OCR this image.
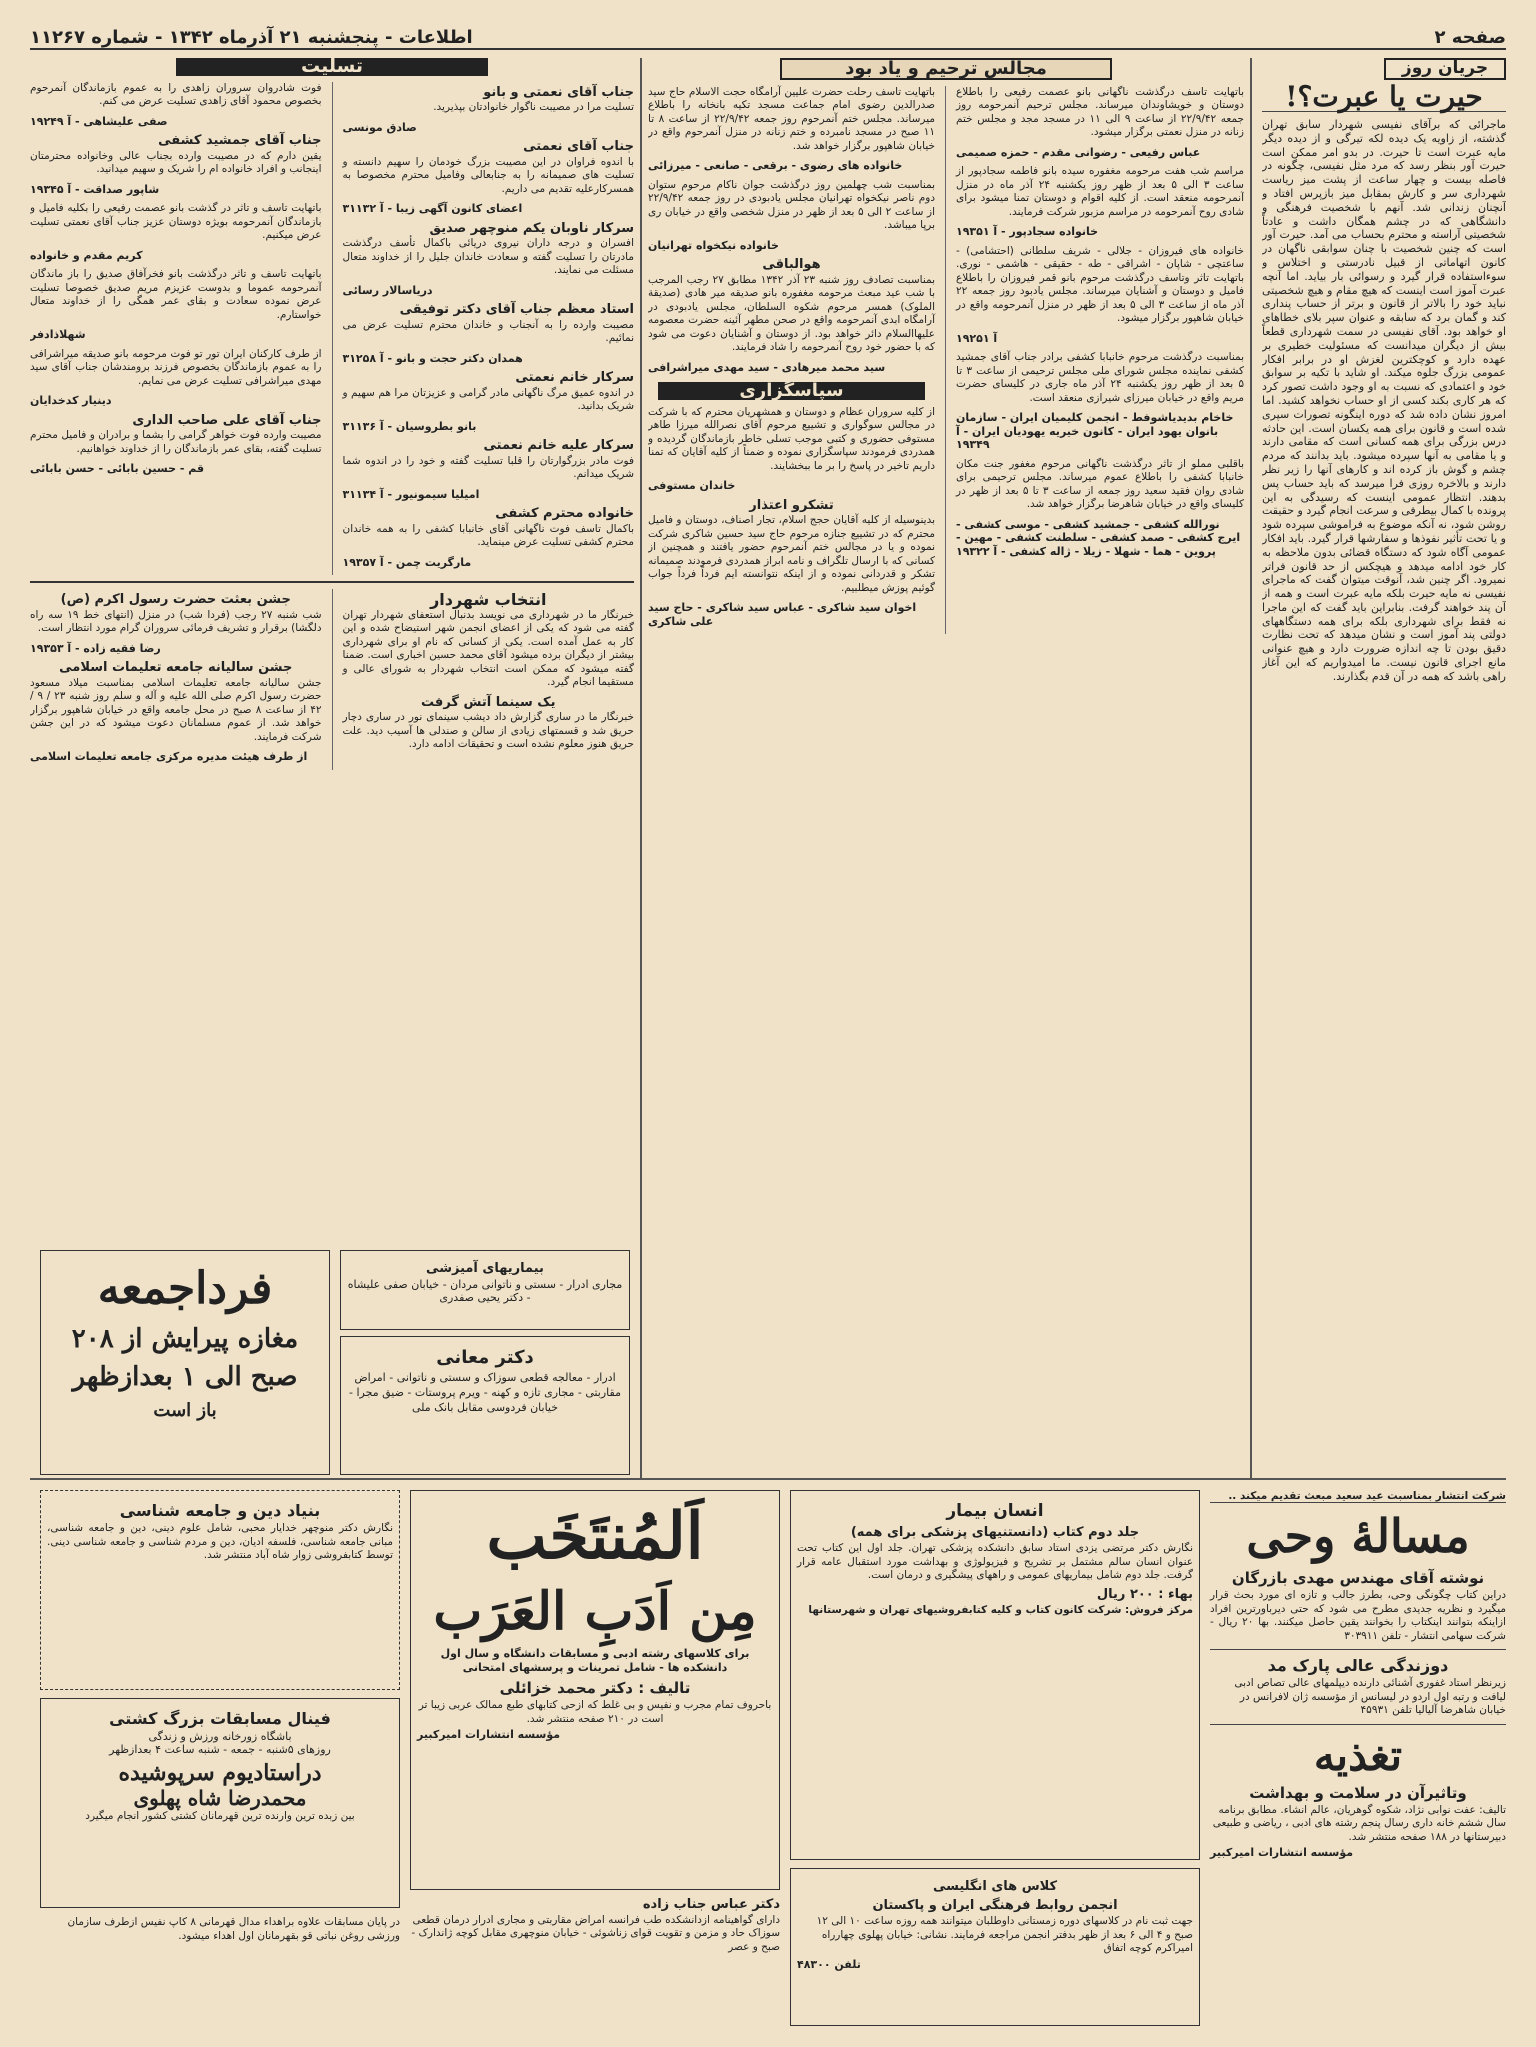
صفحه ۲
اطلاعات - پنجشنبه ۲۱ آذرماه ۱۳۴۲ - شماره ۱۱۲۶۷
جریان روز
حیرت یا عبرت؟!
ماجرائی که برآقای نفیسی شهردار سابق تهران گذشته، از زاویه یک دیده لکه تیرگی و از دیده دیگر مایه عبرت است تا حیرت. در بدو امر ممکن است حیرت آور بنظر رسد که مرد مثل نفیسی، چگونه در فاصله بیست و چهار ساعت از پشت میز ریاست شهرداری سر و کارش بمقابل میز بازپرس افتاد و آنچنان زندانی شد. آنهم با شخصیت فرهنگی و دانشگاهی که در چشم همگان داشت و عادتاً شخصیتی آراسته و محترم بحساب می آمد. حیرت آور است که چنین شخصیت با چنان سوابقی ناگهان در کانون اتهاماتی از قبیل نادرستی و اختلاس و سوءاستفاده قرار گیرد و رسوائی بار بیاید. اما آنچه عبرت آموز است اینست که هیچ مقام و هیچ شخصیتی نباید خود را بالاتر از قانون و برتر از حساب پنداری کند و گمان برد که سابقه و عنوان سپر بلای خطاهای او خواهد بود. آقای نفیسی در سمت شهرداری قطعاً بیش از دیگران میدانست که مسئولیت خطیری بر عهده دارد و کوچکترین لغزش او در برابر افکار عمومی بزرگ جلوه میکند. او شاید با تکیه بر سوابق خود و اعتمادی که نسبت به او وجود داشت تصور کرد که هر کاری بکند کسی از او حساب نخواهد کشید. اما امروز نشان داده شد که دوره اینگونه تصورات سپری شده است و قانون برای همه یکسان است. این حادثه درس بزرگی برای همه کسانی است که مقامی دارند و یا مقامی به آنها سپرده میشود. باید بدانند که مردم چشم و گوش باز کرده اند و کارهای آنها را زیر نظر دارند و بالاخره روزی فرا میرسد که باید حساب پس بدهند. انتظار عمومی اینست که رسیدگی به این پرونده با کمال بیطرفی و سرعت انجام گیرد و حقیقت روشن شود، نه آنکه موضوع به فراموشی سپرده شود و یا تحت تأثیر نفوذها و سفارشها قرار گیرد. باید افکار عمومی آگاه شود که دستگاه قضائی بدون ملاحظه به کار خود ادامه میدهد و هیچکس از حد قانون فراتر نمیرود. اگر چنین شد، آنوقت میتوان گفت که ماجرای نفیسی نه مایه حیرت بلکه مایه عبرت است و همه از آن پند خواهند گرفت. بنابراین باید گفت که این ماجرا نه فقط برای شهرداری بلکه برای همه دستگاههای دولتی پند آموز است و نشان میدهد که تحت نظارت دقیق بودن تا چه اندازه ضرورت دارد و هیچ عنوانی مانع اجرای قانون نیست. ما امیدواریم که این آغاز راهی باشد که همه در آن قدم بگذارند.
مجالس ترحیم و یاد بود
باتهایت تاسف درگذشت ناگهانی بانو عصمت رفیعی را باطلاع دوستان و خویشاوندان میرساند. مجلس ترحیم آنمرحومه روز جمعه ۲۲/۹/۴۲ از ساعت ۹ الی ۱۱ در مسجد مجد و مجلس ختم زنانه در منزل نعمتی برگزار میشود.
عباس رفیعی - رضوانی مقدم - حمزه صمیمی
مراسم شب هفت مرحومه مغفوره سیده بانو فاطمه سجادپور از ساعت ۳ الی ۵ بعد از ظهر روز یکشنبه ۲۴ آذر ماه در منزل آنمرحومه منعقد است. از کلیه اقوام و دوستان تمنا میشود برای شادی روح آنمرحومه در مراسم مزبور شرکت فرمایند.
خانواده سجادپور - آ ۱۹۳۵۱
خانواده های فیروزان - جلالی - شریف سلطانی (احتشامی) - ساعتچی - شاپان - اشراقی - طه - حقیقی - هاشمی - نوری. باتهایت تاثر وتاسف درگذشت مرحوم بانو قمر فیروزان را باطلاع فامیل و دوستان و آشنایان میرساند. مجلس یادبود روز جمعه ۲۲ آذر ماه از ساعت ۳ الی ۵ بعد از ظهر در منزل آنمرحومه واقع در خیابان شاهپور برگزار میشود.
آ ۱۹۲۵۱
بمناسبت درگذشت مرحوم خانبابا کشفی برادر جناب آقای جمشید کشفی نماینده مجلس شورای ملی مجلس ترحیمی از ساعت ۳ تا ۵ بعد از ظهر روز یکشنبه ۲۴ آذر ماه جاری در کلیسای حضرت مریم واقع در خیابان میرزای شیرازی منعقد است.
خاخام بدیدیاشوفط - انجمن کلیمیان ایران - سازمان بانوان یهود ایران - کانون خیریه یهودیان ایران - آ ۱۹۳۴۹
باقلبی مملو از تاثر درگذشت ناگهانی مرحوم مغفور جنت مکان خانبابا کشفی را باطلاع عموم میرساند. مجلس ترحیمی برای شادی روان فقید سعید روز جمعه از ساعت ۳ تا ۵ بعد از ظهر در کلیسای واقع در خیابان شاهرضا برگزار خواهد شد.
نورالله کشفی - جمشید کشفی - موسی کشفی - ایرج کشفی - صمد کشفی - سلطنت کشفی - مهین - پروین - هما - شهلا - زیلا - ژاله کشفی - آ ۱۹۳۲۲
باتهایت تاسف رحلت حضرت علیین آرامگاه حجت الاسلام حاج سید صدرالدین رضوی امام جماعت مسجد تکیه بانخانه را باطلاع میرساند. مجلس ختم آنمرحوم روز جمعه ۲۲/۹/۴۲ از ساعت ۸ تا ۱۱ صبح در مسجد نامبرده و ختم زنانه در منزل آنمرحوم واقع در خیابان شاهپور برگزار خواهد شد.
خانواده های رضوی - برقعی - صانعی - میرزائی
بمناسبت شب چهلمین روز درگذشت جوان ناکام مرحوم ستوان دوم ناصر نیکخواه تهرانیان مجلس یادبودی در روز جمعه ۲۲/۹/۴۲ از ساعت ۲ الی ۵ بعد از ظهر در منزل شخصی واقع در خیابان ری برپا میباشد.
خانواده نیکخواه تهرانیان
هوالباقی
بمناسبت تصادف روز شنبه ۲۳ آذر ۱۳۴۲ مطابق ۲۷ رجب المرجب با شب عید مبعث مرحومه مغفوره بانو صدیقه میر هادی (صدیقة الملوک) همسر مرحوم شکوه السلطان، مجلس یادبودی در آرامگاه ابدی آنمرحومه واقع در صحن مطهر آئینه حضرت معصومه علیهاالسلام دائر خواهد بود. از دوستان و آشنایان دعوت می شود که با حضور خود روح آنمرحومه را شاد فرمایند.
سید محمد میرهادی - سید مهدی میراشرافی
سپاسگزاری
از کلیه سروران عظام و دوستان و همشهریان محترم که با شرکت در مجالس سوگواری و تشییع مرحوم آقای نصرالله میرزا طاهر مستوفی حضوری و کتبی موجب تسلی خاطر بازماندگان گردیده و همدردی فرمودند سپاسگزاری نموده و ضمناً از کلیه آقایان که تمنا داریم تاخیر در پاسخ را بر ما ببخشایند.
خاندان مستوفی
تشکرو اعتذار
بدینوسیله از کلیه آقایان حجج اسلام، تجار اصناف، دوستان و فامیل محترم که در تشییع جنازه مرحوم حاج سید حسین شاکری شرکت نموده و یا در مجالس ختم آنمرحوم حضور یافتند و همچنین از کسانی که با ارسال تلگراف و نامه ابراز همدردی فرمودند صمیمانه تشکر و قدردانی نموده و از اینکه نتوانسته ایم فرداً فرداً جواب گوئیم پوزش میطلبیم.
اخوان سید شاکری - عباس سید شاکری - حاج سید علی شاکری
تسلیت
جناب آقای نعمتی و بانو
تسلیت مرا در مصیبت ناگوار خانوادتان بپذیرید.
صادق مونسی
جناب آقای نعمتی
با اندوه فراوان در این مصیبت بزرگ خودمان را سهیم دانسته و تسلیت های صمیمانه را به جنابعالی وفامیل محترم مخصوصا به همسرکارعلیه تقدیم می داریم.
اعضای کانون آگهی زیبا - آ ۳۱۱۳۲
سرکار ناوبان یکم منوچهر صدیق
افسران و درجه داران نیروی دریائی باکمال تأسف درگذشت مادرتان را تسلیت گفته و سعادت خاندان جلیل را از خداوند متعال مسئلت می نمایند.
دریاسالار رسائی
استاد معظم جناب آقای دکتر توفیقی
مصیبت وارده را به آنجناب و خاندان محترم تسلیت عرض می نمائیم.
همدان دکتر حجت و بانو - آ ۳۱۲۵۸
سرکار خانم نعمتی
در اندوه عمیق مرگ ناگهانی مادر گرامی و عزیزتان مرا هم سهیم و شریک بدانید.
بانو بطروسیان - آ ۳۱۱۳۶
سرکار علیه خانم نعمتی
فوت مادر بزرگوارتان را قلبا تسلیت گفته و خود را در اندوه شما شریک میدانم.
امیلیا سیمونیور - آ ۳۱۱۳۴
خانواده محترم کشفی
باکمال تاسف فوت ناگهانی آقای خانبابا کشفی را به همه خاندان محترم کشفی تسلیت عرض مینماید.
مارگریت چمن - آ ۱۹۳۵۷
فوت شادروان سروران زاهدی را به عموم بازماندگان آنمرحوم بخصوص محمود آقای زاهدی تسلیت عرض می کنم.
صفی علیشاهی - آ ۱۹۲۴۹
جناب آقای جمشید کشفی
یقین دارم که در مصیبت وارده بجناب عالی وخانواده محترمتان اینجانب و افراد خانواده ام را شریک و سهیم میدانید.
شاپور صداقت - آ ۱۹۳۴۵
باتهایت تاسف و تاثر در گذشت بانو عصمت رفیعی را بکلیه فامیل و بازماندگان آنمرحومه بویژه دوستان عزیز جناب آقای نعمتی تسلیت عرض میکنیم.
کریم مقدم و خانواده
باتهایت تاسف و تاثر درگذشت بانو فخرآفاق صدیق را باز ماندگان آنمرحومه عموما و بدوست عزیزم مریم صدیق خصوصا تسلیت عرض نموده سعادت و بقای عمر همگی را از خداوند متعال خواستارم.
شهلاذادفر
از طرف کارکنان ایران تور تو فوت مرحومه بانو صدیقه میراشرافی را به عموم بازماندگان بخصوص فرزند برومندشان جناب آقای سید مهدی میراشرافی تسلیت عرض می نمایم.
دینیار کدخدایان
جناب آقای علی صاحب الداری
مصیبت وارده فوت خواهر گرامی را بشما و برادران و فامیل محترم تسلیت گفته، بقای عمر بازماندگان را از خداوند خواهانیم.
قم - حسین بابائی - حسن بابائی
انتخاب شهردار
خبرنگار ما در شهرداری می نویسد بدنبال استعفای شهردار تهران گفته می شود که یکی از اعضای انجمن شهر استیضاح شده و این کار به عمل آمده است. یکی از کسانی که نام او برای شهرداری بیشتر از دیگران برده میشود آقای محمد حسین اخباری است. ضمنا گفته میشود که ممکن است انتخاب شهردار به شورای عالی و مستقیما انجام گیرد.
یک سینما آتش گرفت
خبرنگار ما در ساری گزارش داد دیشب سینمای نور در ساری دچار حریق شد و قسمتهای زیادی از سالن و صندلی ها آسیب دید. علت حریق هنوز معلوم نشده است و تحقیقات ادامه دارد.
جشن بعثت حضرت رسول اکرم (ص)
شب شنبه ۲۷ رجب (فردا شب) در منزل (انتهای خط ۱۹ سه راه دلگشا) برقرار و تشریف فرمائی سروران گرام مورد انتظار است.
رضا فقیه زاده - آ ۱۹۳۵۳
جشن سالیانه جامعه تعلیمات اسلامی
جشن سالیانه جامعه تعلیمات اسلامی بمناسبت میلاد مسعود حضرت رسول اکرم صلی الله علیه و آله و سلم روز شنبه ۲۳ / ۹ / ۴۲ از ساعت ۸ صبح در محل جامعه واقع در خیابان شاهپور برگزار خواهد شد. از عموم مسلمانان دعوت میشود که در این جشن شرکت فرمایند.
از طرف هیئت مدیره مرکزی جامعه تعلیمات اسلامی
فرداجمعه
مغازه پیرایش از ۲۰۸
صبح الی ۱ بعدازظهر
باز است
بیماریهای آمیزشی
مجاری ادرار - سستی و ناتوانی مردان - خیابان صفی علیشاه - دکتر یحیی صفدری
دکتر معانی
ادرار - معالجه قطعی سوزاک و سستی و ناتوانی - امراض مقاربتی - مجاری تازه و کهنه - ویرم پروستات - ضیق مجرا - خیابان فردوسی مقابل بانک ملی
شرکت انتشار بمناسبت عید سعید مبعث تقدیم میکند ..
مسالۀ وحی
نوشته آقای مهندس مهدی بازرگان
دراین کتاب چگونگی وحی، بطرز جالب و تازه ای مورد بحث قرار میگیرد و نظریه جدیدی مطرح می شود که حتی دیرباورترین افراد ازاینکه بتوانند اینکتاب را بخوانند یقین حاصل میکنند. بها ۲۰ ریال - شرکت سهامی انتشار - تلفن ۳۰۳۹۱۱
دوزندگی عالی پارک مد
زیرنظر استاد غفوری آشنائی دارنده دیپلمهای عالی تصاص ادبی لیافت و رتبه اول اردو در لیسانس از مؤسسه ژان لافرانس در خیابان شاهرضا آلیالیا تلفن ۴۵۹۳۱
تغذیه
وتاثیرآن در سلامت و بهداشت
تالیف: عفت نوابی نژاد، شکوه گوهریان، عالم انشاء. مطابق برنامه سال ششم خانه داری رسال پنجم رشته های ادبی ، ریاضی و طبیعی دبیرستانها در ۱۸۸ صفحه منتشر شد.
مؤسسه انتشارات امیرکبیر
انسان بیمار
جلد دوم کتاب (دانستنیهای پزشکی برای همه)
نگارش دکتر مرتضی یزدی استاد سابق دانشکده پزشکی تهران. جلد اول این کتاب تحت عنوان انسان سالم مشتمل بر تشریح و فیزیولوژی و بهداشت مورد استقبال عامه قرار گرفت. جلد دوم شامل بیماریهای عمومی و راههای پیشگیری و درمان است.
بهاء : ۲۰۰ ریال
مرکز فروش: شرکت کانون کتاب و کلیه کتابفروشیهای تهران و شهرستانها
کلاس های انگلیسی
انجمن روابط فرهنگی ایران و پاکستان
جهت ثبت نام در کلاسهای دوره زمستانی داوطلبان میتوانند همه روزه ساعت ۱۰ الی ۱۲ صبح و ۴ الی ۶ بعد از ظهر بدفتر انجمن مراجعه فرمایند. نشانی: خیابان پهلوی چهارراه امیراکرم کوچه اتفاق
تلفن ۴۸۳۰۰
اَلمُنتَخَب
مِن اَدَبِ العَرَب
برای کلاسهای رشته ادبی و مسابقات دانشگاه و سال اول دانشکده ها - شامل تمرینات و پرسشهای امتحانی
تالیف : دکتر محمد خزائلی
باحروف تمام مجرب و نفیس و بی غلط که ازحی کتابهای طبع ممالک عربی زیبا تر است در ۲۱۰ صفحه منتشر شد.
مؤسسه انتشارات امیرکبیر
دکتر عباس جناب زاده
دارای گواهینامه ازدانشکده طب فرانسه امراض مقاربتی و مجاری ادرار درمان قطعی سوزاک حاد و مزمن و تقویت قوای زناشوئی - خیابان منوچهری مقابل کوچه ژاندارک - صبح و عصر
بنیاد دین و جامعه شناسی
نگارش دکتر منوچهر خدایار محبی، شامل علوم دینی، دین و جامعه شناسی، مبانی جامعه شناسی، فلسفه ادیان، دین و مردم شناسی و جامعه شناسی دینی. توسط کتابفروشی زوار شاه آباد منتشر شد.
فینال مسابقات بزرگ کشتی
باشگاه زورخانه ورزش و زندگی
روزهای ۵شنبه - جمعه - شنبه ساعت ۴ بعدازظهر
دراستادیوم سرپوشیده
محمدرضا شاه پهلوی
بین زبده ترین وارنده ترین قهرمانان کشتی کشور انجام میگیرد
در پایان مسابقات علاوه براهداء مدال قهرمانی ۸ کاپ نفیس ازطرف سازمان ورزشی روغن نباتی قو بقهرمانان اول اهداء میشود.
